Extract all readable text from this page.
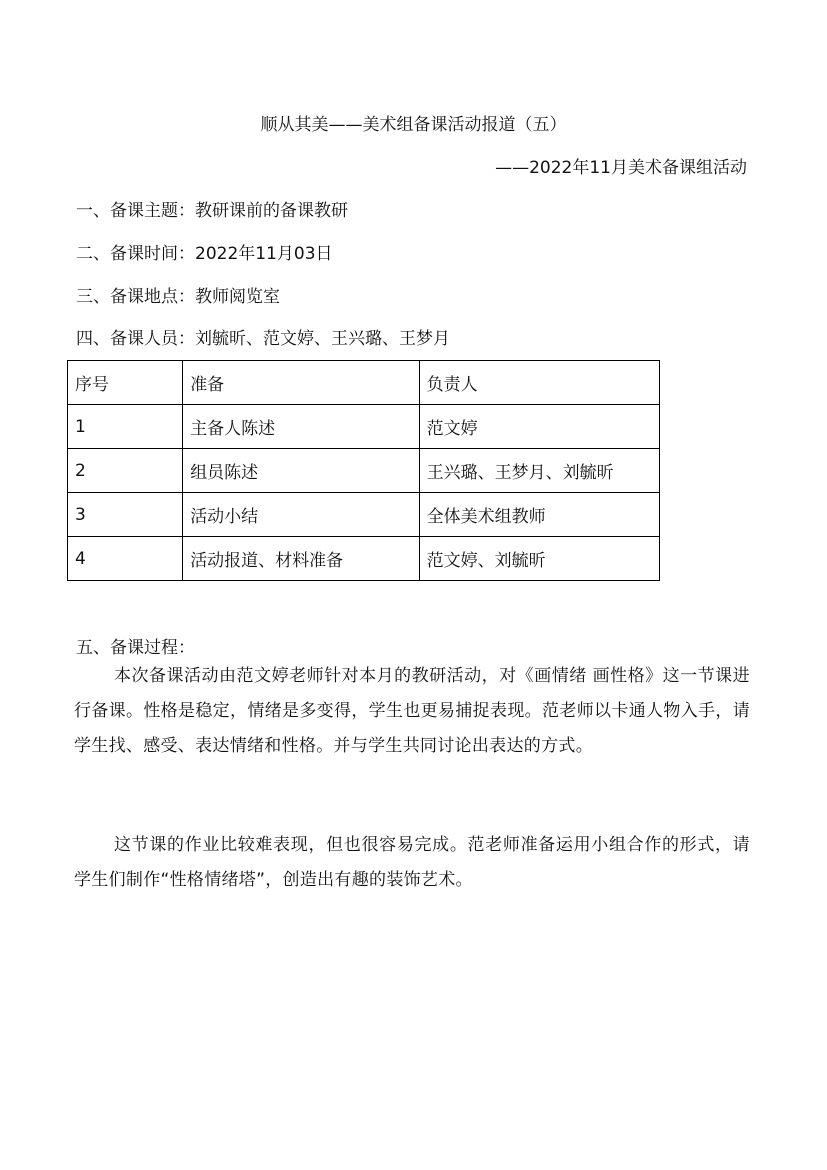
顺从其美——美术组备课活动报道（五）
——2022年11月美术备课组活动
一、备课主题：教研课前的备课教研
二、备课时间：2022年11月03日
三、备课地点：教师阅览室
四、备课人员：刘毓昕、范文婷、王兴璐、王梦月
序号	准备	负责人
1	主备人陈述	范文婷
2	组员陈述	王兴璐、王梦月、刘毓昕
3	活动小结	全体美术组教师
4	活动报道、材料准备	范文婷、刘毓昕
五、备课过程：

本次备课活动由范文婷老师针对本月的教研活动，对《画情绪 画性格》这一节课进行备课。性格是稳定，情绪是多变得，学生也更易捕捉表现。范老师以卡通人物入手，请学生找、感受、表达情绪和性格。并与学生共同讨论出表达的方式。

这节课的作业比较难表现，但也很容易完成。范老师准备运用小组合作的形式，请学生们制作“性格情绪塔”，创造出有趣的装饰艺术。
